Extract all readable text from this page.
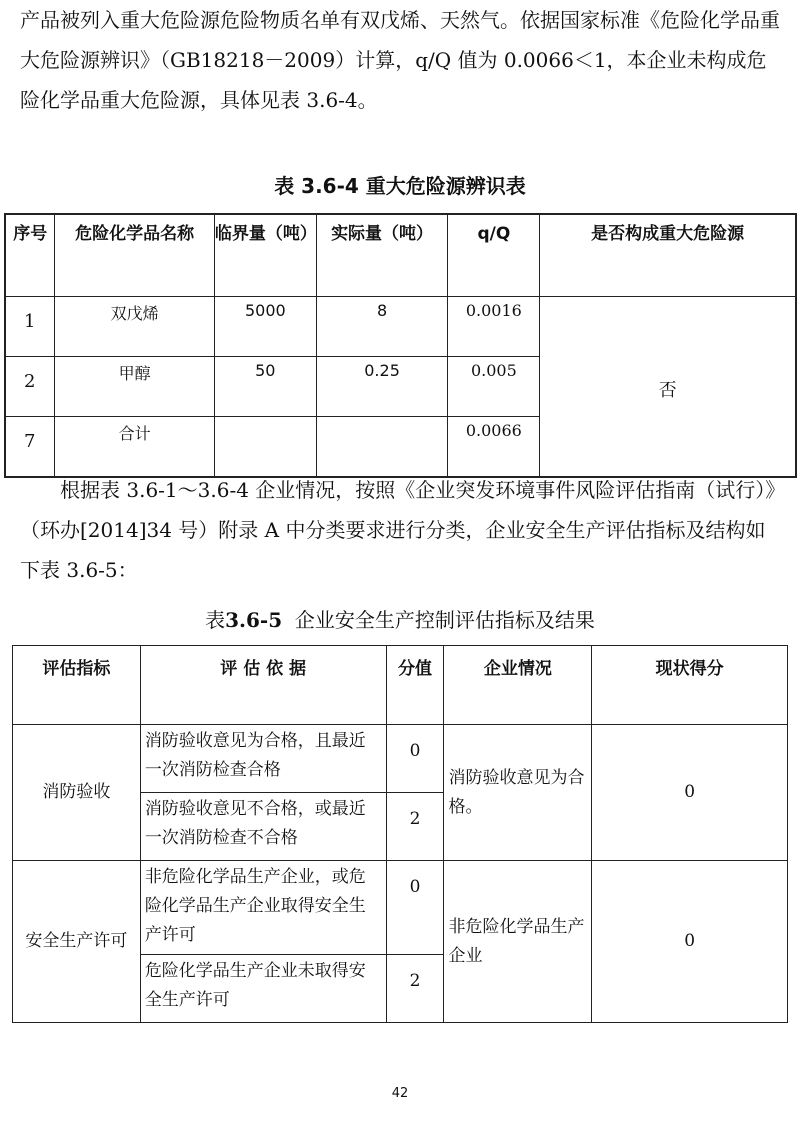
产品被列入重大危险源危险物质名单有双戊烯、天然气。依据国家标准《危险化学品重大危险源辨识》（GB18218－2009）计算，q/Q 值为 0.0066＜1，本企业未构成危险化学品重大危险源，具体见表 3.6-4。

表 3.6-4 重大危险源辨识表
序号	危险化学品名称	临界量（吨）	实际量（吨）	q/Q	是否构成重大危险源
1	双戊烯	5000	8	0.0016	否
2	甲醇	50	0.25	0.005	
7	合计			0.0066	

根据表 3.6-1～3.6-4 企业情况，按照《企业突发环境事件风险评估指南（试行）》（环办[2014]34 号）附录 A 中分类要求进行分类，企业安全生产评估指标及结构如下表 3.6-5：

表3.6-5 企业安全生产控制评估指标及结果
评估指标	评 估 依 据	分值	企业情况	现状得分
消防验收	消防验收意见为合格，且最近一次消防检查合格	0	消防验收意见为合格。	0
	消防验收意见不合格，或最近一次消防检查不合格	2		
安全生产许可	非危险化学品生产企业，或危险化学品生产企业取得安全生产许可	0	非危险化学品生产企业	0
	危险化学品生产企业未取得安全生产许可	2		
42
